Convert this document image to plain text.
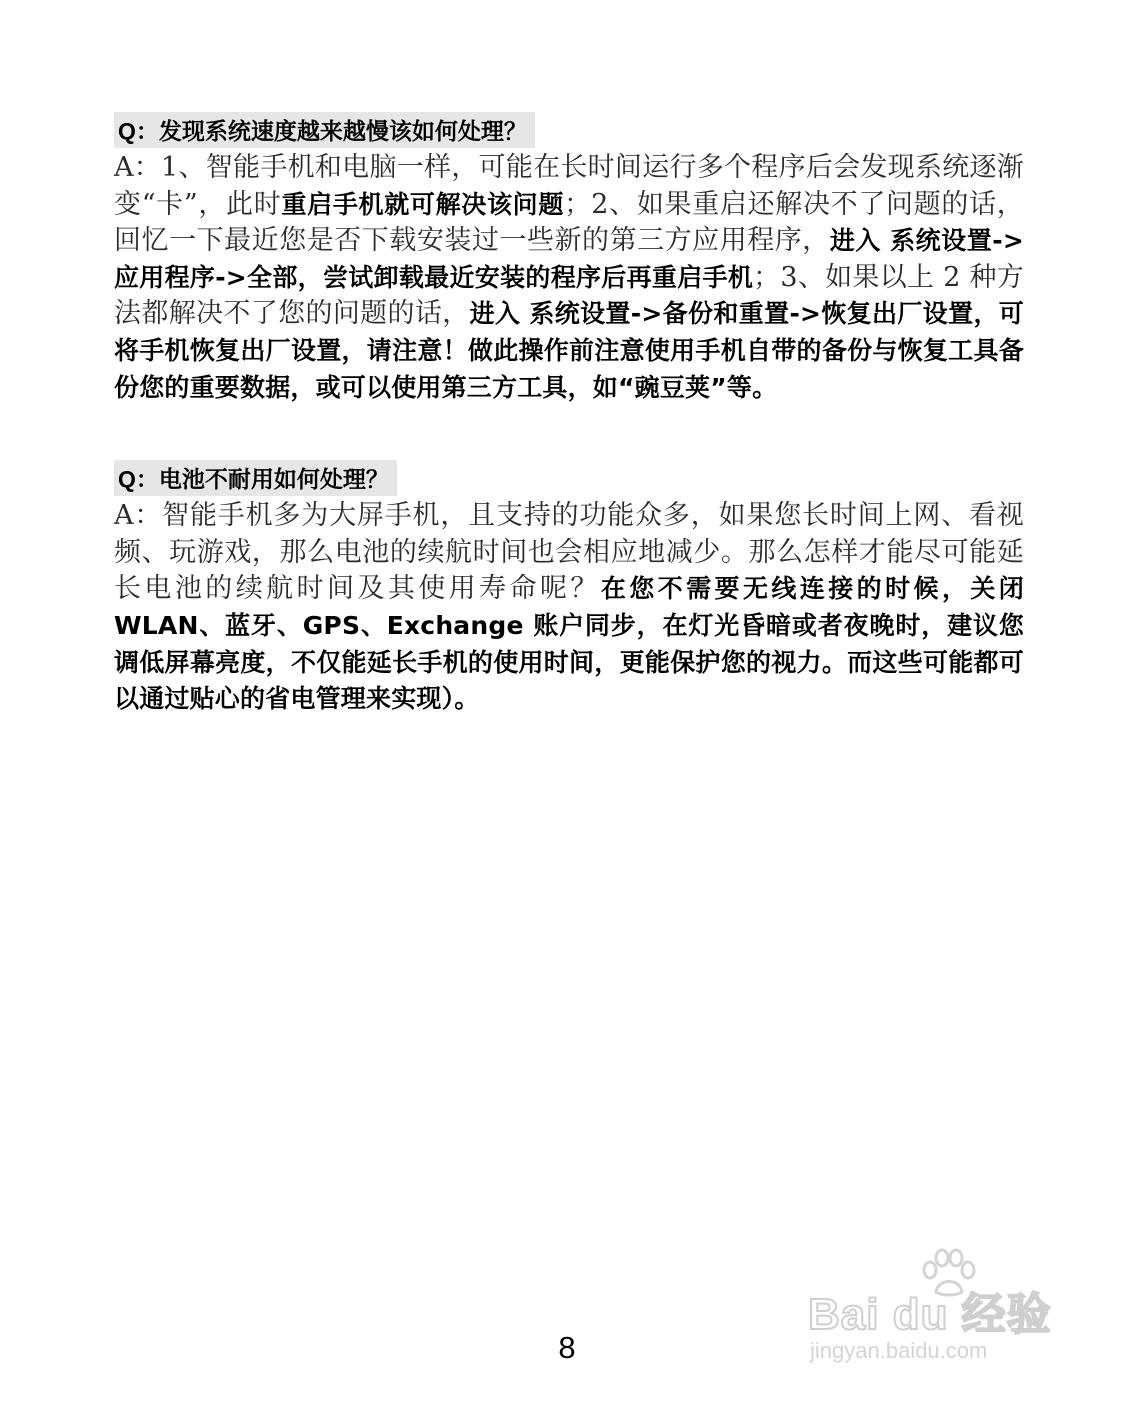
Q：发现系统速度越来越慢该如何处理？

A：1、智能手机和电脑一样，可能在长时间运行多个程序后会发现系统逐渐变“卡”，此时重启手机就可解决该问题；2、如果重启还解决不了问题的话，回忆一下最近您是否下载安装过一些新的第三方应用程序，进入 系统设置->应用程序->全部，尝试卸载最近安装的程序后再重启手机；3、如果以上 2 种方法都解决不了您的问题的话，进入 系统设置->备份和重置->恢复出厂设置，可将手机恢复出厂设置，请注意！做此操作前注意使用手机自带的备份与恢复工具备份您的重要数据，或可以使用第三方工具，如“豌豆荚”等。

Q：电池不耐用如何处理？

A：智能手机多为大屏手机，且支持的功能众多，如果您长时间上网、看视频、玩游戏，那么电池的续航时间也会相应地减少。那么怎样才能尽可能延长电池的续航时间及其使用寿命呢？在您不需要无线连接的时候，关闭 WLAN、蓝牙、GPS、Exchange 账户同步，在灯光昏暗或者夜晚时，建议您调低屏幕亮度，不仅能延长手机的使用时间，更能保护您的视力。而这些可能都可以通过贴心的省电管理来实现）。

8
Bai du 经验
jingyan.baidu.com
